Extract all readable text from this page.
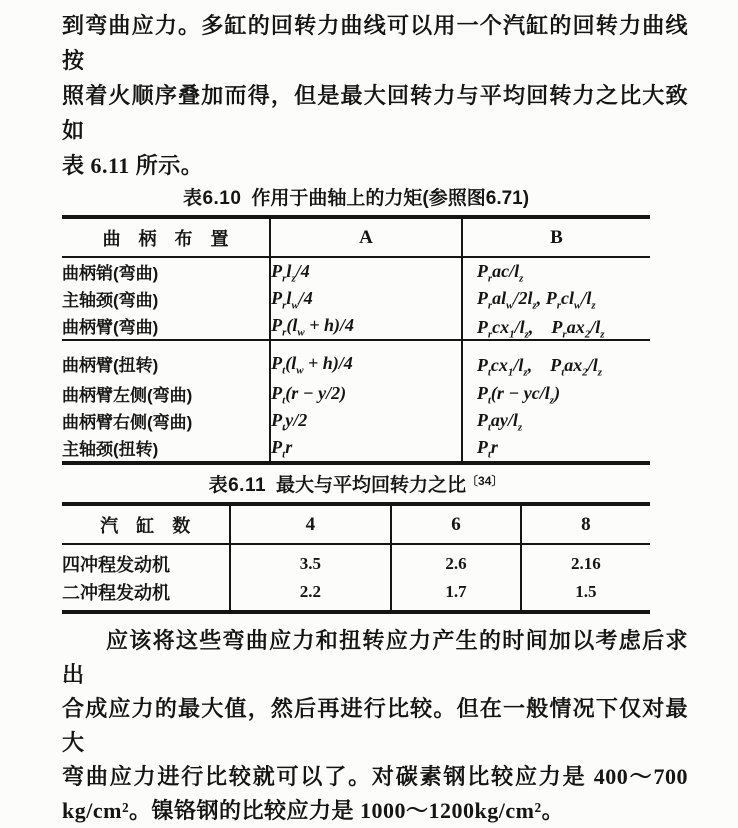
到弯曲应力。多缸的回转力曲线可以用一个汽缸的回转力曲线按
照着火顺序叠加而得，但是最大回转力与平均回转力之比大致如
表 6.11 所示。
表6.10 作用于曲轴上的力矩(参照图6.71)
曲　柄　布　置	A	B
曲柄销(弯曲)	$P_rl_z/4$	$P_rac/l_z$
主轴颈(弯曲)	$P_rl_w/4$	$P_ral_w/2l_z$, $P_rcl_w/l_z$
曲柄臂(弯曲)	$P_r(l_w + h)/4$	$P_rcx_1/l_z$,　$P_rax_2/l_z$
曲柄臂(扭转)	$P_t(l_w + h)/4$	$P_tcx_1/l_z$,　$P_tax_2/l_z$
曲柄臂左侧(弯曲)	$P_t(r - y/2)$	$P_t(r - yc/l_z)$
曲柄臂右侧(弯曲)	$P_ty/2$	$P_tay/l_z$
主轴颈(扭转)	$P_tr$	$P_tr$
表6.11 最大与平均回转力之比$^{〔34〕}$
汽　缸　数	4	6	8
四冲程发动机	3.5	2.6	2.16
二冲程发动机	2.2	1.7	1.5
应该将这些弯曲应力和扭转应力产生的时间加以考虑后求出
合成应力的最大值，然后再进行比较。但在一般情况下仅对最大
弯曲应力进行比较就可以了。对碳素钢比较应力是 400～700
kg/cm²。镍铬钢的比较应力是 1000～1200kg/cm²。
